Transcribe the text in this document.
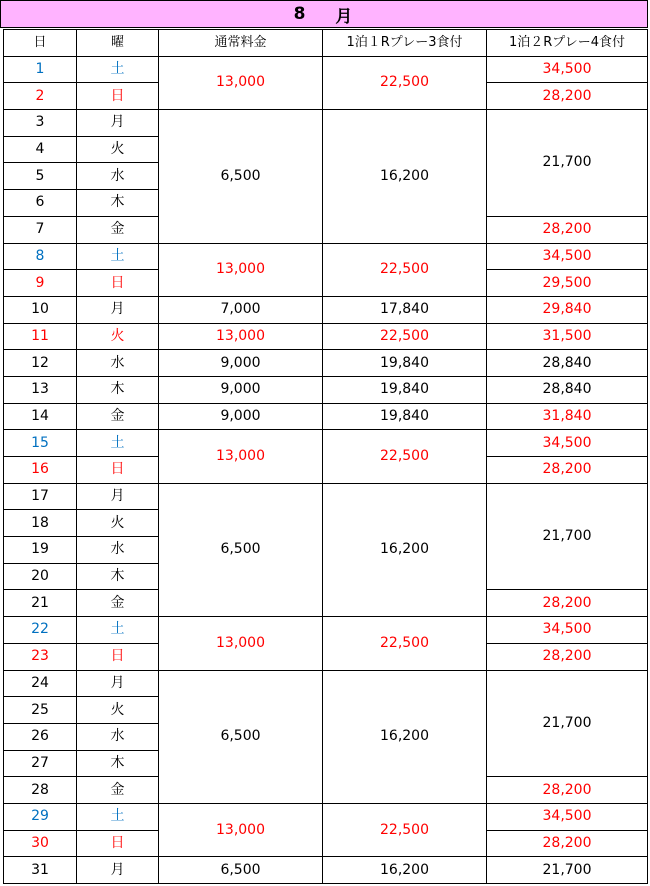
8 月
日	曜	通常料金	1泊１Rプレー3食付	1泊２Rプレー4食付
1	土	13,000	22,500	34,500
2	日			28,200
3	月	6,500	16,200	21,700
4	火			
5	水			
6	木			
7	金			28,200
8	土	13,000	22,500	34,500
9	日			29,500
10	月	7,000	17,840	29,840
11	火	13,000	22,500	31,500
12	水	9,000	19,840	28,840
13	木	9,000	19,840	28,840
14	金	9,000	19,840	31,840
15	土	13,000	22,500	34,500
16	日			28,200
17	月	6,500	16,200	21,700
18	火			
19	水			
20	木			
21	金			28,200
22	土	13,000	22,500	34,500
23	日			28,200
24	月	6,500	16,200	21,700
25	火			
26	水			
27	木			
28	金			28,200
29	土	13,000	22,500	34,500
30	日			28,200
31	月	6,500	16,200	21,700
